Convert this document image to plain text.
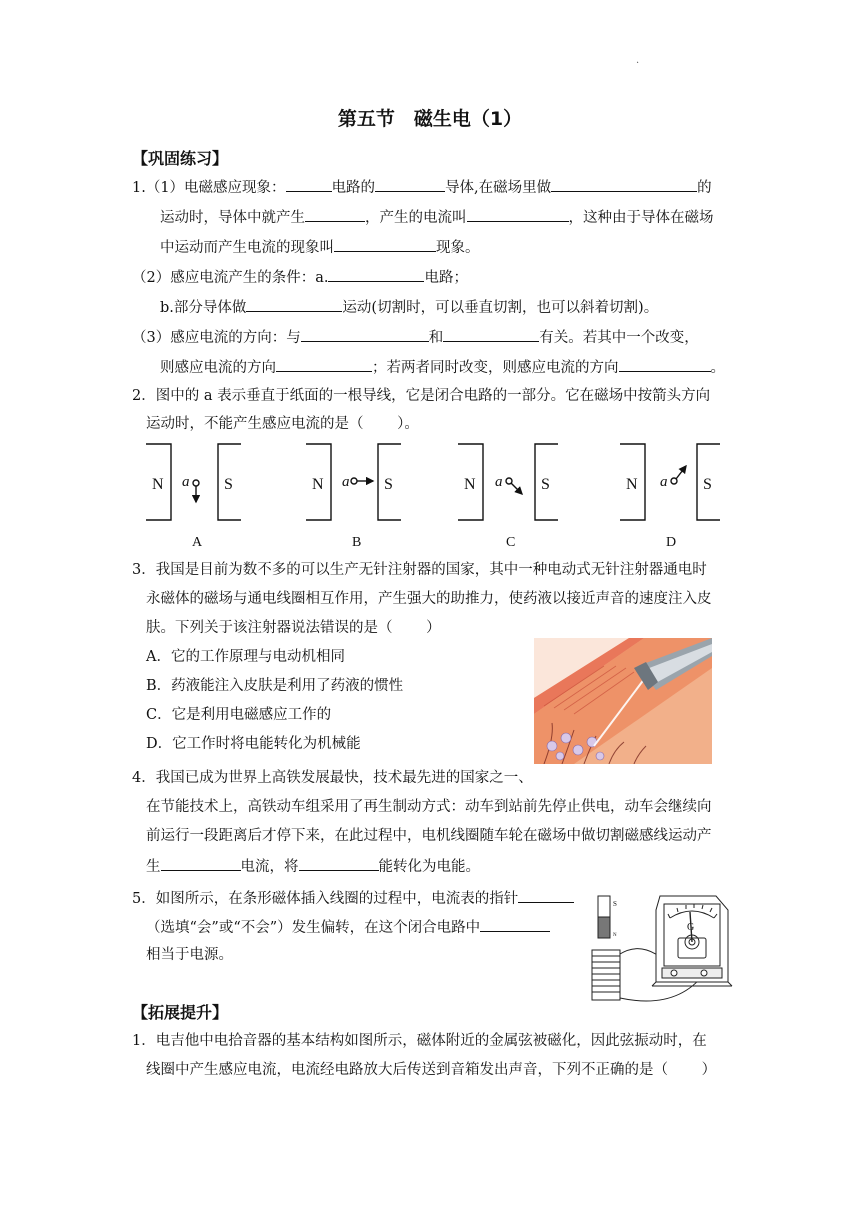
·
第五节　磁生电（1）
【巩固练习】
1.（1）电磁感应现象：	电路的	导体,在磁场里做	的
运动时，导体中就产生	，产生的电流叫	，这种由于导体在磁场
中运动而产生电流的现象叫	现象。
（2）感应电流产生的条件：a.	电路；
b.部分导体做	运动(切割时，可以垂直切割，也可以斜着切割)。
（3）感应电流的方向：与	和	有关。若其中一个改变，
则感应电流的方向	；若两者同时改变，则感应电流的方向	。
2．图中的 a 表示垂直于纸面的一根导线，它是闭合电路的一部分。它在磁场中按箭头方向
运动时，不能产生感应电流的是（　　 ）。
N	S
a
A
N	S
a
B
N	S
a
C
N	S
a
D
3．我国是目前为数不多的可以生产无针注射器的国家，其中一种电动式无针注射器通电时
永磁体的磁场与通电线圈相互作用，产生强大的助推力，使药液以接近声音的速度注入皮
肤。下列关于该注射器说法错误的是（　　 ）
A．它的工作原理与电动机相同
B．药液能注入皮肤是利用了药液的惯性
C．它是利用电磁感应工作的
D．它工作时将电能转化为机械能
4．我国已成为世界上高铁发展最快，技术最先进的国家之一、
在节能技术上，高铁动车组采用了再生制动方式：动车到站前先停止供电，动车会继续向
前运行一段距离后才停下来，在此过程中，电机线圈随车轮在磁场中做切割磁感线运动产
生	电流，将	能转化为电能。
5．如图所示，在条形磁体插入线圈的过程中，电流表的指针
（选填“会”或“不会”）发生偏转，在这个闭合电路中
相当于电源。
S
N
G
【拓展提升】
1．电吉他中电拾音器的基本结构如图所示，磁体附近的金属弦被磁化，因此弦振动时，在
线圈中产生感应电流，电流经电路放大后传送到音箱发出声音，下列不正确的是（　　 ）
